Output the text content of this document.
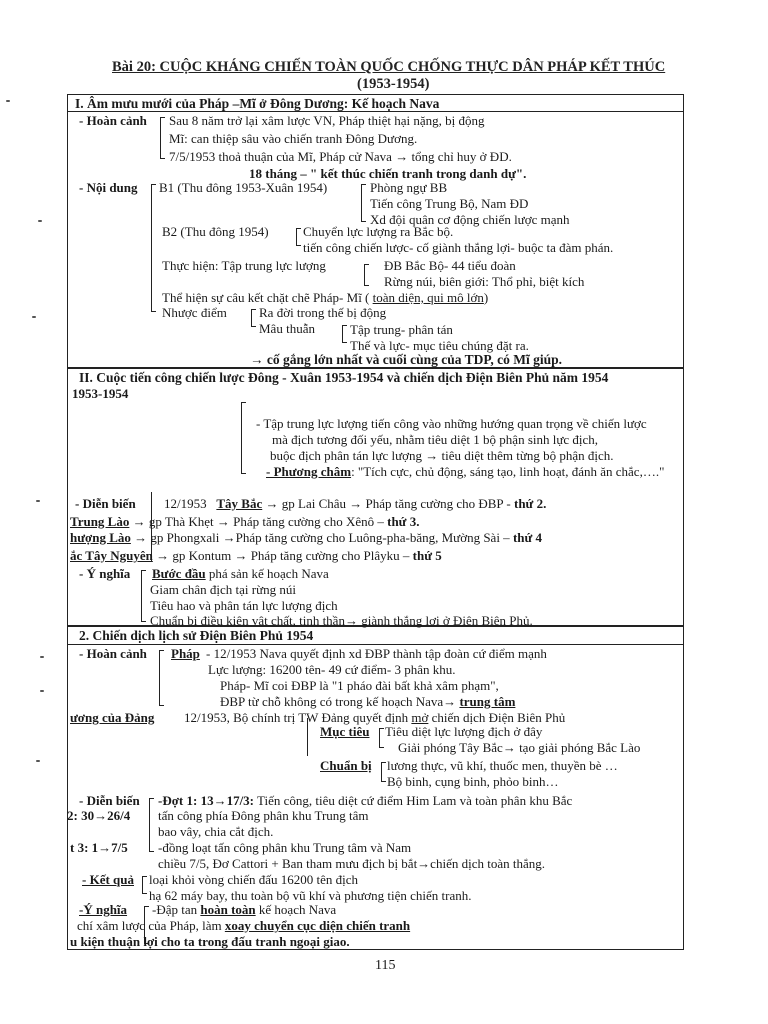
Bài 20: CUỘC KHÁNG CHIẾN TOÀN QUỐC CHỐNG THỰC DÂN PHÁP KẾT THÚC
(1953-1954)
I. Âm mưu mưới của Pháp –Mĩ ở Đông Dương: Kế hoạch Nava
- Hoàn cảnh Sau 8 năm trở lại xâm lược VN, Pháp thiệt hại nặng, bị động
Mĩ: can thiệp sâu vào chiến tranh Đông Dương.
7/5/1953 thoả thuận của Mĩ, Pháp cử Nava → tổng chỉ huy ở ĐD.
18 tháng – " kết thúc chiến tranh trong danh dự".
- Nội dung B1 (Thu đông 1953-Xuân 1954)	Phòng ngự BB
Tiến công Trung Bộ, Nam ĐD
Xd đội quân cơ động chiến lược mạnh
B2 (Thu đông 1954)	Chuyển lực lượng ra Bắc bộ.
tiến công chiến lược- cố giành thắng lợi- buộc ta đàm phán.
Thực hiện: Tập trung lực lượng	ĐB Bắc Bộ- 44 tiểu đoàn
Rừng núi, biên giới: Thổ phỉ, biệt kích
Thể hiện sự câu kết chặt chẽ Pháp- Mĩ ( toàn diện, qui mô lớn)
Nhược điểm Ra đời trong thế bị động
Mâu thuẫn	Tập trung- phân tán
Thế và lực- mục tiêu chúng đặt ra.
→ cố gắng lớn nhất và cuối cùng của TDP, có Mĩ giúp.
II. Cuộc tiến công chiến lược Đông - Xuân 1953-1954 và chiến dịch Điện Biên Phủ năm 1954
1953-1954
- Tập trung lực lượng tiến công vào những hướng quan trọng về chiến lược
mà địch tương đối yếu, nhằm tiêu diệt 1 bộ phận sinh lực địch,
buộc địch phân tán lực lượng → tiêu diệt thêm từng bộ phận địch.
- Phương châm: "Tích cực, chủ động, sáng tạo, linh hoạt, đánh ăn chắc,…."
- Diễn biến 12/1953 Tây Bắc → gp Lai Châu → Pháp tăng cường cho ĐBP - thứ 2.
Trung Lào → gp Thà Khẹt → Pháp tăng cường cho Xênô – thứ 3.
hượng Lào → gp Phongxali →Pháp tăng cường cho Luông-pha-băng, Mường Sài – thứ 4
ắc Tây Nguyên → gp Kontum → Pháp tăng cường cho Plâyku – thứ 5
- Ý nghĩa Bước đầu phá sản kế hoạch Nava
Giam chân địch tại rừng núi
Tiêu hao và phân tán lực lượng địch
Chuẩn bị điều kiện vật chất, tinh thần→ giành thắng lợi ở Điện Biên Phủ.
2. Chiến dịch lịch sử Điện Biên Phủ 1954
- Hoàn cảnh Pháp - 12/1953 Nava quyết định xd ĐBP thành tập đoàn cứ điểm mạnh
Lực lượng: 16200 tên- 49 cứ điểm- 3 phân khu.
Pháp- Mĩ coi ĐBP là "1 pháo đài bất khả xâm phạm",
ĐBP từ chỗ không có trong kế hoạch Nava→ trung tâm
ương của Đảng 12/1953, Bộ chính trị TW Đảng quyết định mở chiến dịch Điện Biên Phủ
Mục tiêu Tiêu diệt lực lượng địch ở đây
Giải phóng Tây Bắc→ tạo giải phóng Bắc Lào
Chuẩn bị lương thực, vũ khí, thuốc men, thuyền bè …
Bộ binh, cụng binh, phỏo binh…
- Diễn biến -Đợt 1: 13→17/3: Tiến công, tiêu diệt cứ điểm Him Lam và toàn phân khu Bắc
2: 30→26/4 tấn công phía Đông phân khu Trung tâm
bao vây, chia cắt địch.
t 3: 1→7/5 -đồng loạt tấn công phân khu Trung tâm và Nam
chiều 7/5, Đơ Cattori + Ban tham mưu địch bị bắt→chiến dịch toàn thắng.
- Kết quả loại khỏi vòng chiến đấu 16200 tên địch
hạ 62 máy bay, thu toàn bộ vũ khí và phương tiện chiến tranh.
-Ý nghĩa -Đập tan hoàn toàn kế hoạch Nava
chí xâm lược của Pháp, làm xoay chuyển cục diện chiến tranh
u kiện thuận lợi cho ta trong đấu tranh ngoại giao.
115
